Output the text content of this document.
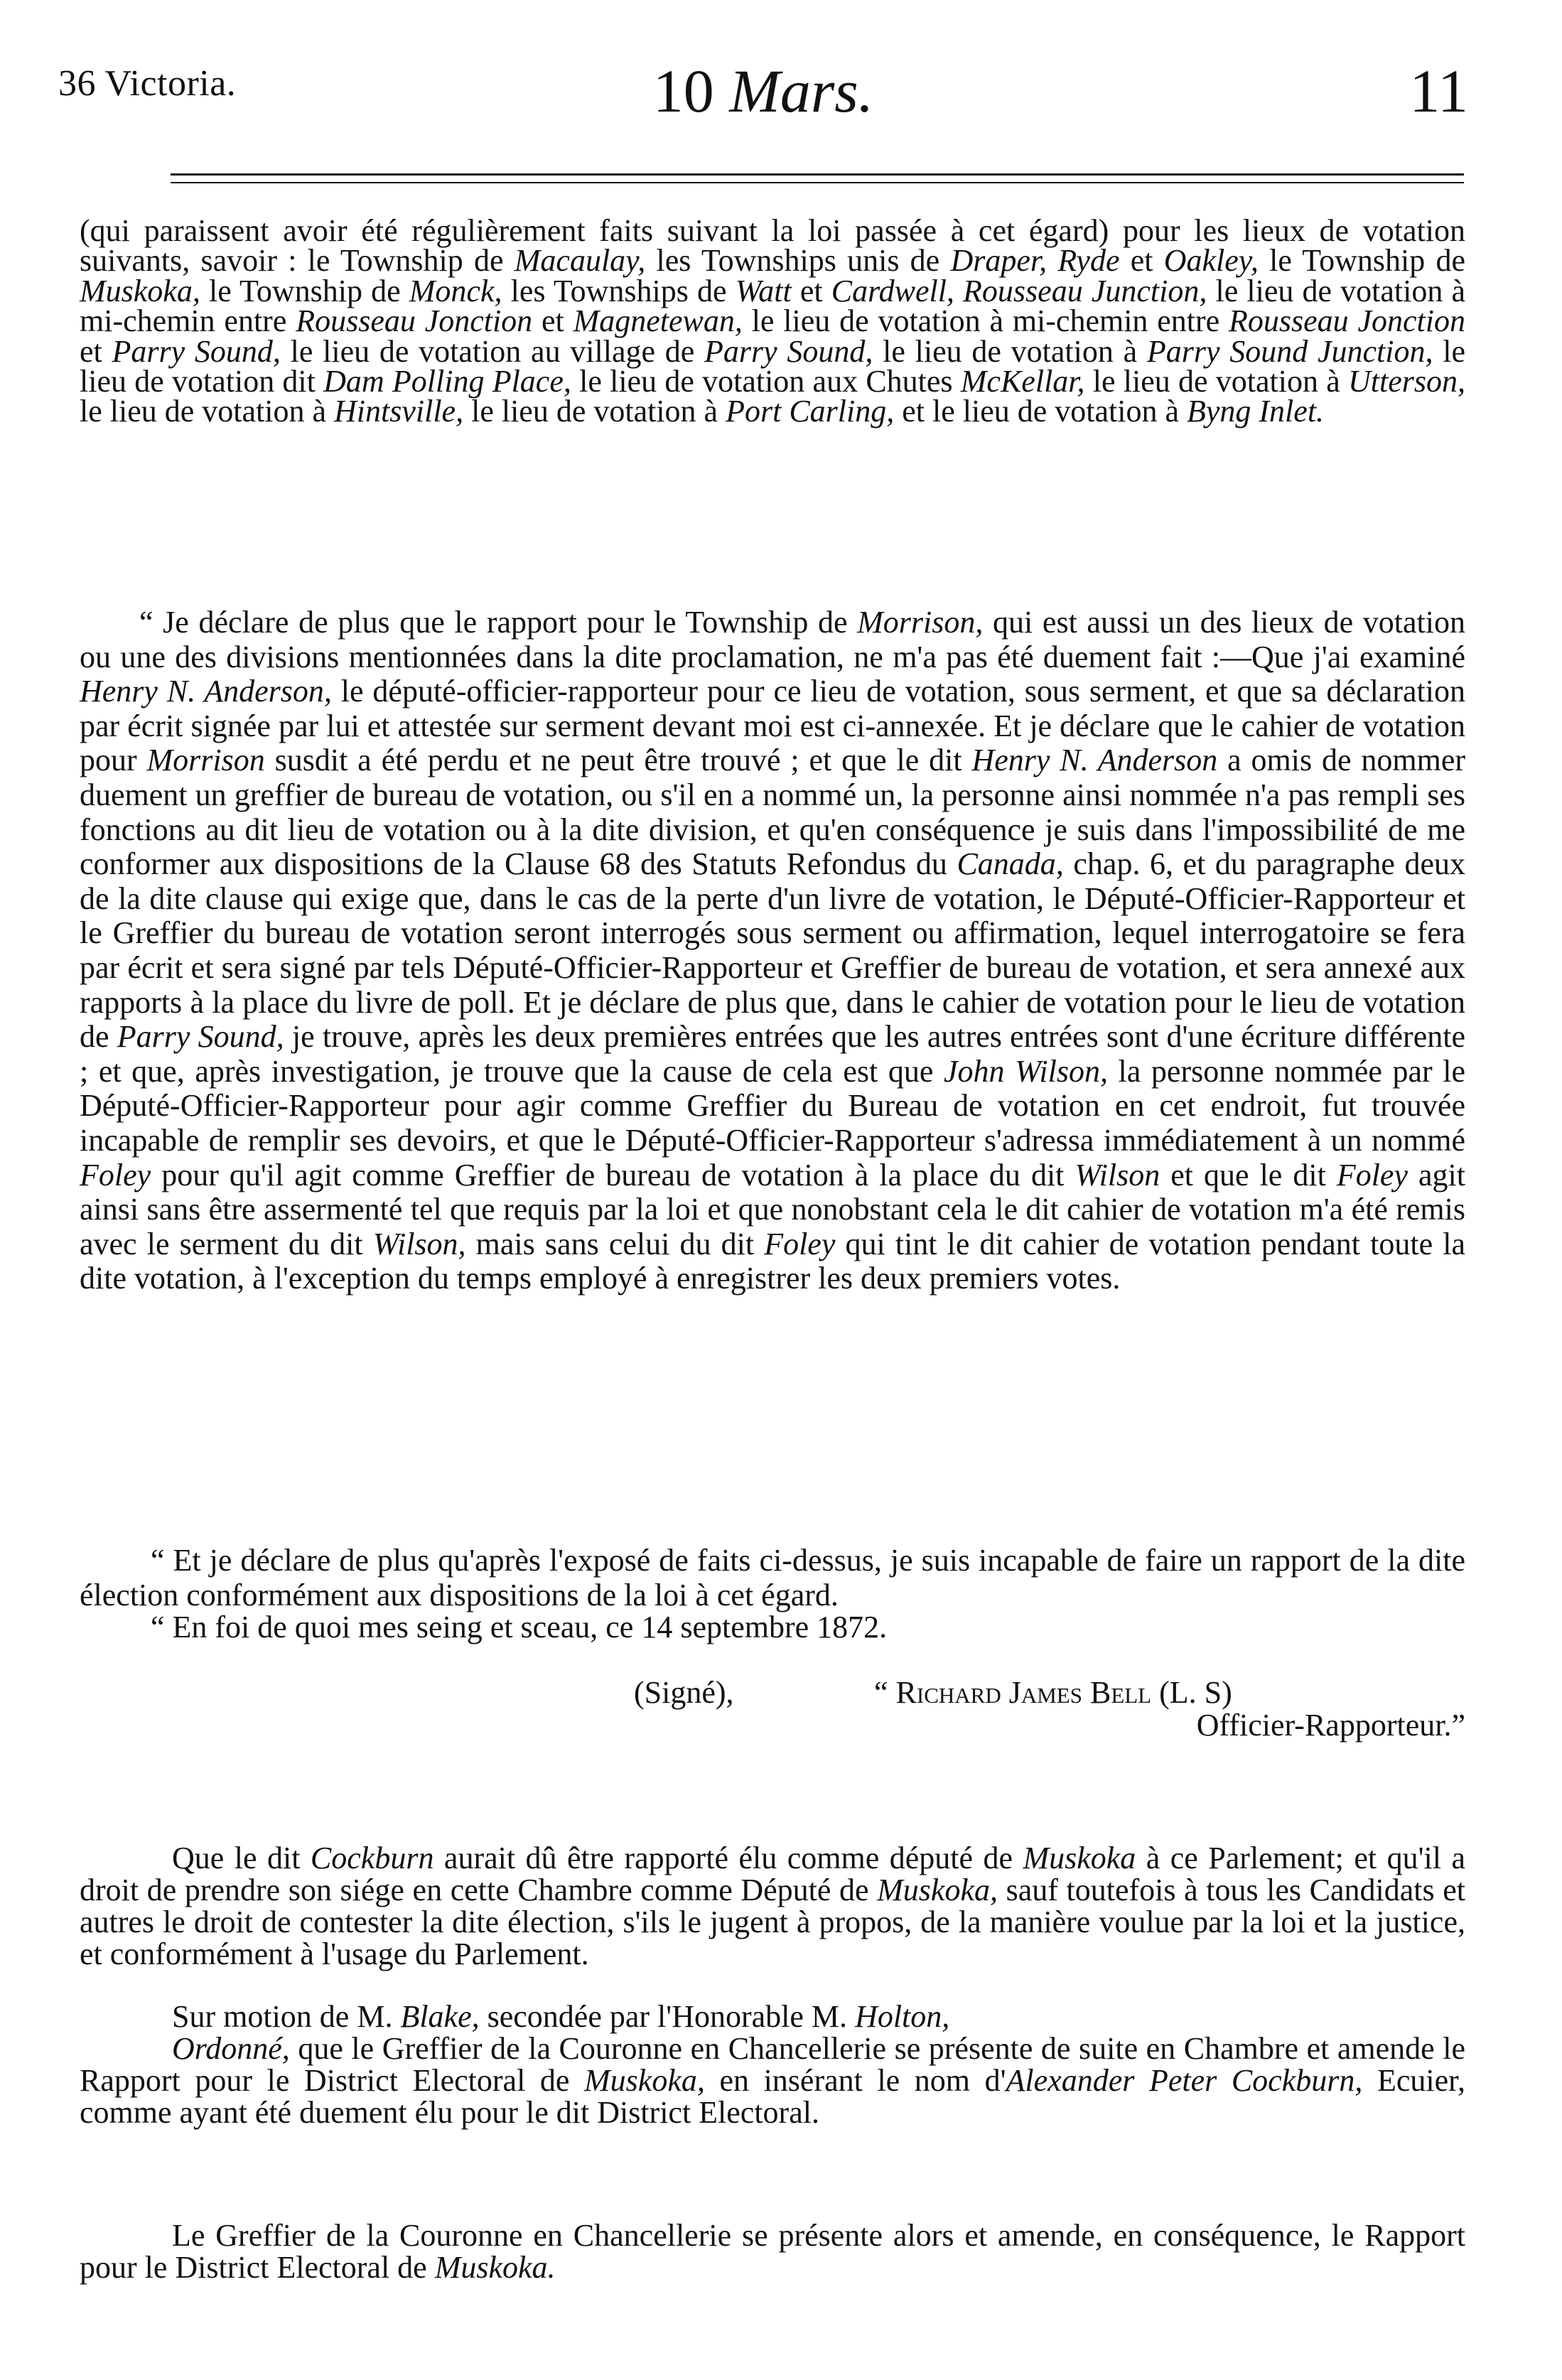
36 Victoria.	10 Mars.	11

(qui paraissent avoir été régulièrement faits suivant la loi passée à cet égard) pour les lieux de votation suivants, savoir : le Township de Macaulay, les Townships unis de Draper, Ryde et Oakley, le Township de Muskoka, le Township de Monck, les Townships de Watt et Cardwell, Rousseau Junction, le lieu de votation à mi-chemin entre Rousseau Jonction et Magnetewan, le lieu de votation à mi-chemin entre Rousseau Jonction et Parry Sound, le lieu de votation au village de Parry Sound, le lieu de votation à Parry Sound Junction, le lieu de votation dit Dam Polling Place, le lieu de votation aux Chutes McKellar, le lieu de votation à Utterson, le lieu de votation à Hintsville, le lieu de votation à Port Carling, et le lieu de votation à Byng Inlet.

“ Je déclare de plus que le rapport pour le Township de Morrison, qui est aussi un des lieux de votation ou une des divisions mentionnées dans la dite proclamation, ne m'a pas été duement fait :—Que j'ai examiné Henry N. Anderson, le député-officier-rapporteur pour ce lieu de votation, sous serment, et que sa déclaration par écrit signée par lui et attestée sur serment devant moi est ci-annexée. Et je déclare que le cahier de votation pour Morrison susdit a été perdu et ne peut être trouvé ; et que le dit Henry N. Anderson a omis de nommer duement un greffier de bureau de votation, ou s'il en a nommé un, la personne ainsi nommée n'a pas rempli ses fonctions au dit lieu de votation ou à la dite division, et qu'en conséquence je suis dans l'impossibilité de me conformer aux dispositions de la Clause 68 des Statuts Refondus du Canada, chap. 6, et du paragraphe deux de la dite clause qui exige que, dans le cas de la perte d'un livre de votation, le Député-Officier-Rapporteur et le Greffier du bureau de votation seront interrogés sous serment ou affirmation, lequel interrogatoire se fera par écrit et sera signé par tels Député-Officier-Rapporteur et Greffier de bureau de votation, et sera annexé aux rapports à la place du livre de poll. Et je déclare de plus que, dans le cahier de votation pour le lieu de votation de Parry Sound, je trouve, après les deux premières entrées que les autres entrées sont d'une écriture différente ; et que, après investigation, je trouve que la cause de cela est que John Wilson, la personne nommée par le Député-Officier-Rapporteur pour agir comme Greffier du Bureau de votation en cet endroit, fut trouvée incapable de remplir ses devoirs, et que le Député-Officier-Rapporteur s'adressa immédiatement à un nommé Foley pour qu'il agit comme Greffier de bureau de votation à la place du dit Wilson et que le dit Foley agit ainsi sans être assermenté tel que requis par la loi et que nonobstant cela le dit cahier de votation m'a été remis avec le serment du dit Wilson, mais sans celui du dit Foley qui tint le dit cahier de votation pendant toute la dite votation, à l'exception du temps employé à enregistrer les deux premiers votes.

“ Et je déclare de plus qu'après l'exposé de faits ci-dessus, je suis incapable de faire un rapport de la dite élection conformément aux dispositions de la loi à cet égard.

“ En foi de quoi mes seing et sceau, ce 14 septembre 1872.

(Signé),	“ Richard James Bell (L. S)
Officier-Rapporteur.”

Que le dit Cockburn aurait dû être rapporté élu comme député de Muskoka à ce Parlement; et qu'il a droit de prendre son siége en cette Chambre comme Député de Muskoka, sauf toutefois à tous les Candidats et autres le droit de contester la dite élection, s'ils le jugent à propos, de la manière voulue par la loi et la justice, et conformément à l'usage du Parlement.

Sur motion de M. Blake, secondée par l'Honorable M. Holton,

Ordonné, que le Greffier de la Couronne en Chancellerie se présente de suite en Chambre et amende le Rapport pour le District Electoral de Muskoka, en insérant le nom d'Alexander Peter Cockburn, Ecuier, comme ayant été duement élu pour le dit District Electoral.

Le Greffier de la Couronne en Chancellerie se présente alors et amende, en conséquence, le Rapport pour le District Electoral de Muskoka.
